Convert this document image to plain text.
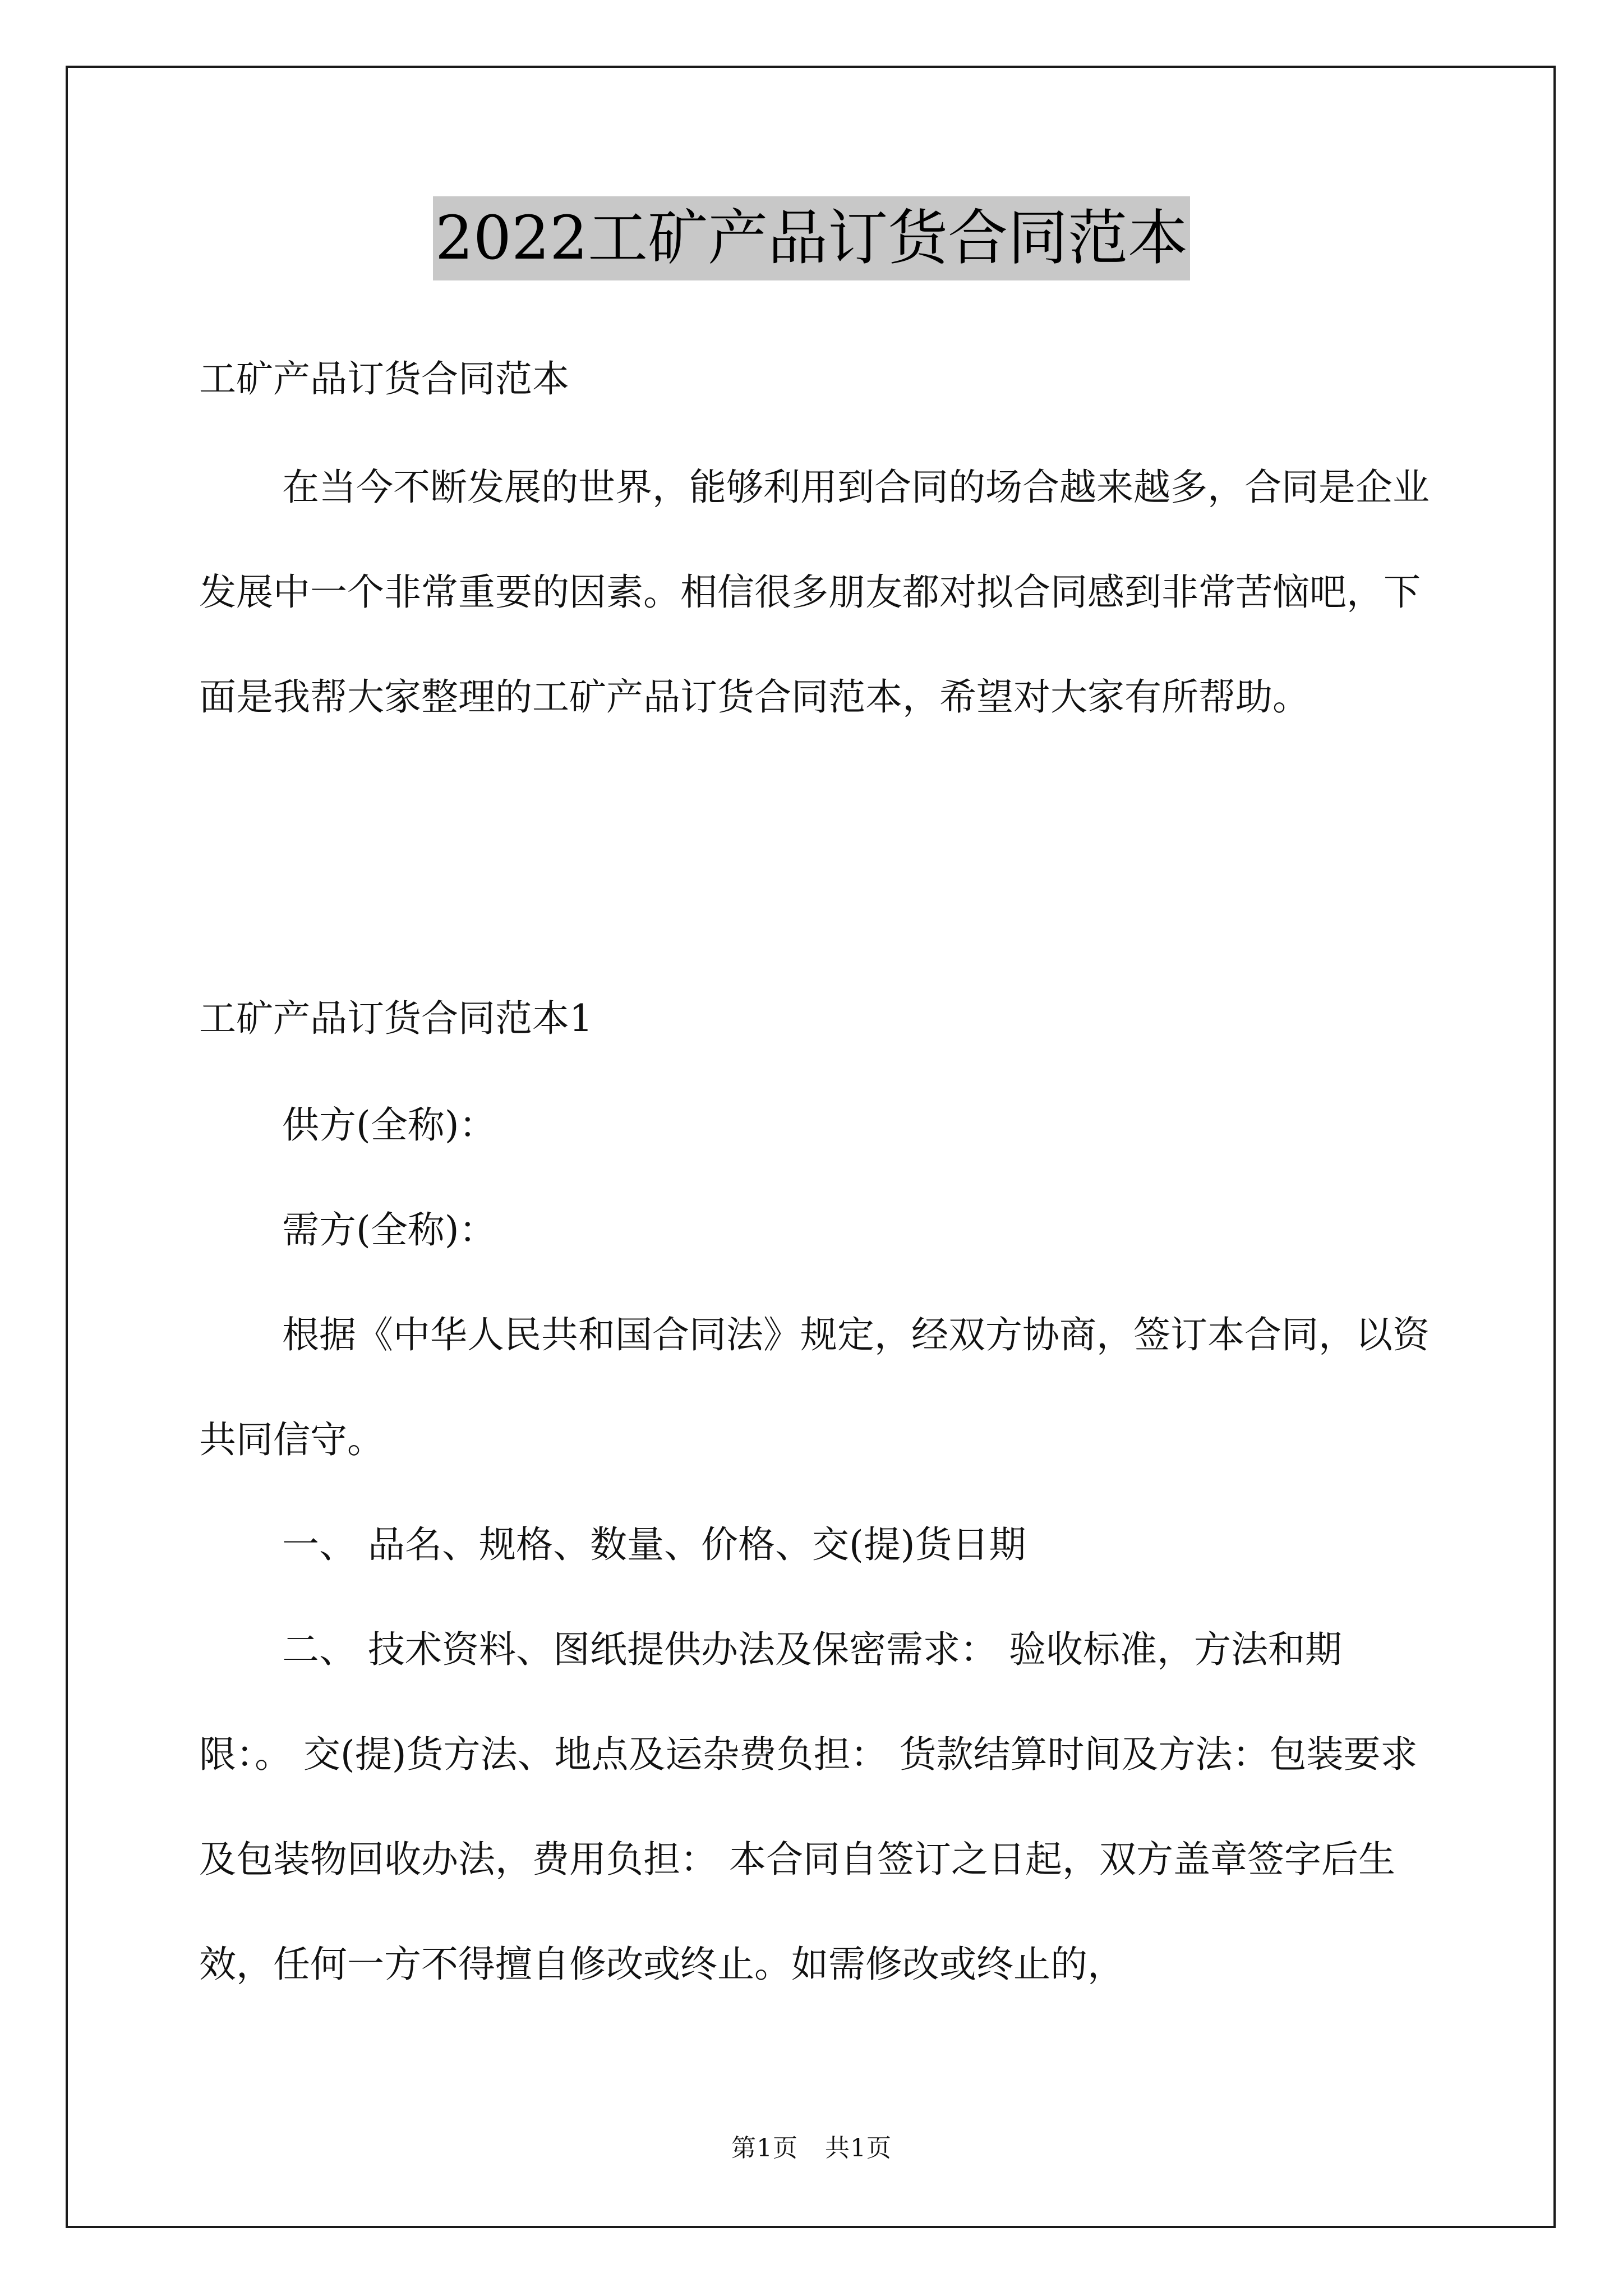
2022工矿产品订货合同范本

工矿产品订货合同范本

在当今不断发展的世界，能够利用到合同的场合越来越多，合同是企业发展中一个非常重要的因素。相信很多朋友都对拟合同感到非常苦恼吧，下面是我帮大家整理的工矿产品订货合同范本，希望对大家有所帮助。

工矿产品订货合同范本1

供方(全称)：

需方(全称)：

根据《中华人民共和国合同法》规定，经双方协商，签订本合同，以资共同信守。

一、 品名、规格、数量、价格、交(提)货日期

二、 技术资料、图纸提供办法及保密需求： 验收标准，方法和期限：。 交(提)货方法、地点及运杂费负担： 货款结算时间及方法：包装要求及包装物回收办法，费用负担： 本合同自签订之日起，双方盖章签字后生效，任何一方不得擅自修改或终止。如需修改或终止的，

第1页 共1页
